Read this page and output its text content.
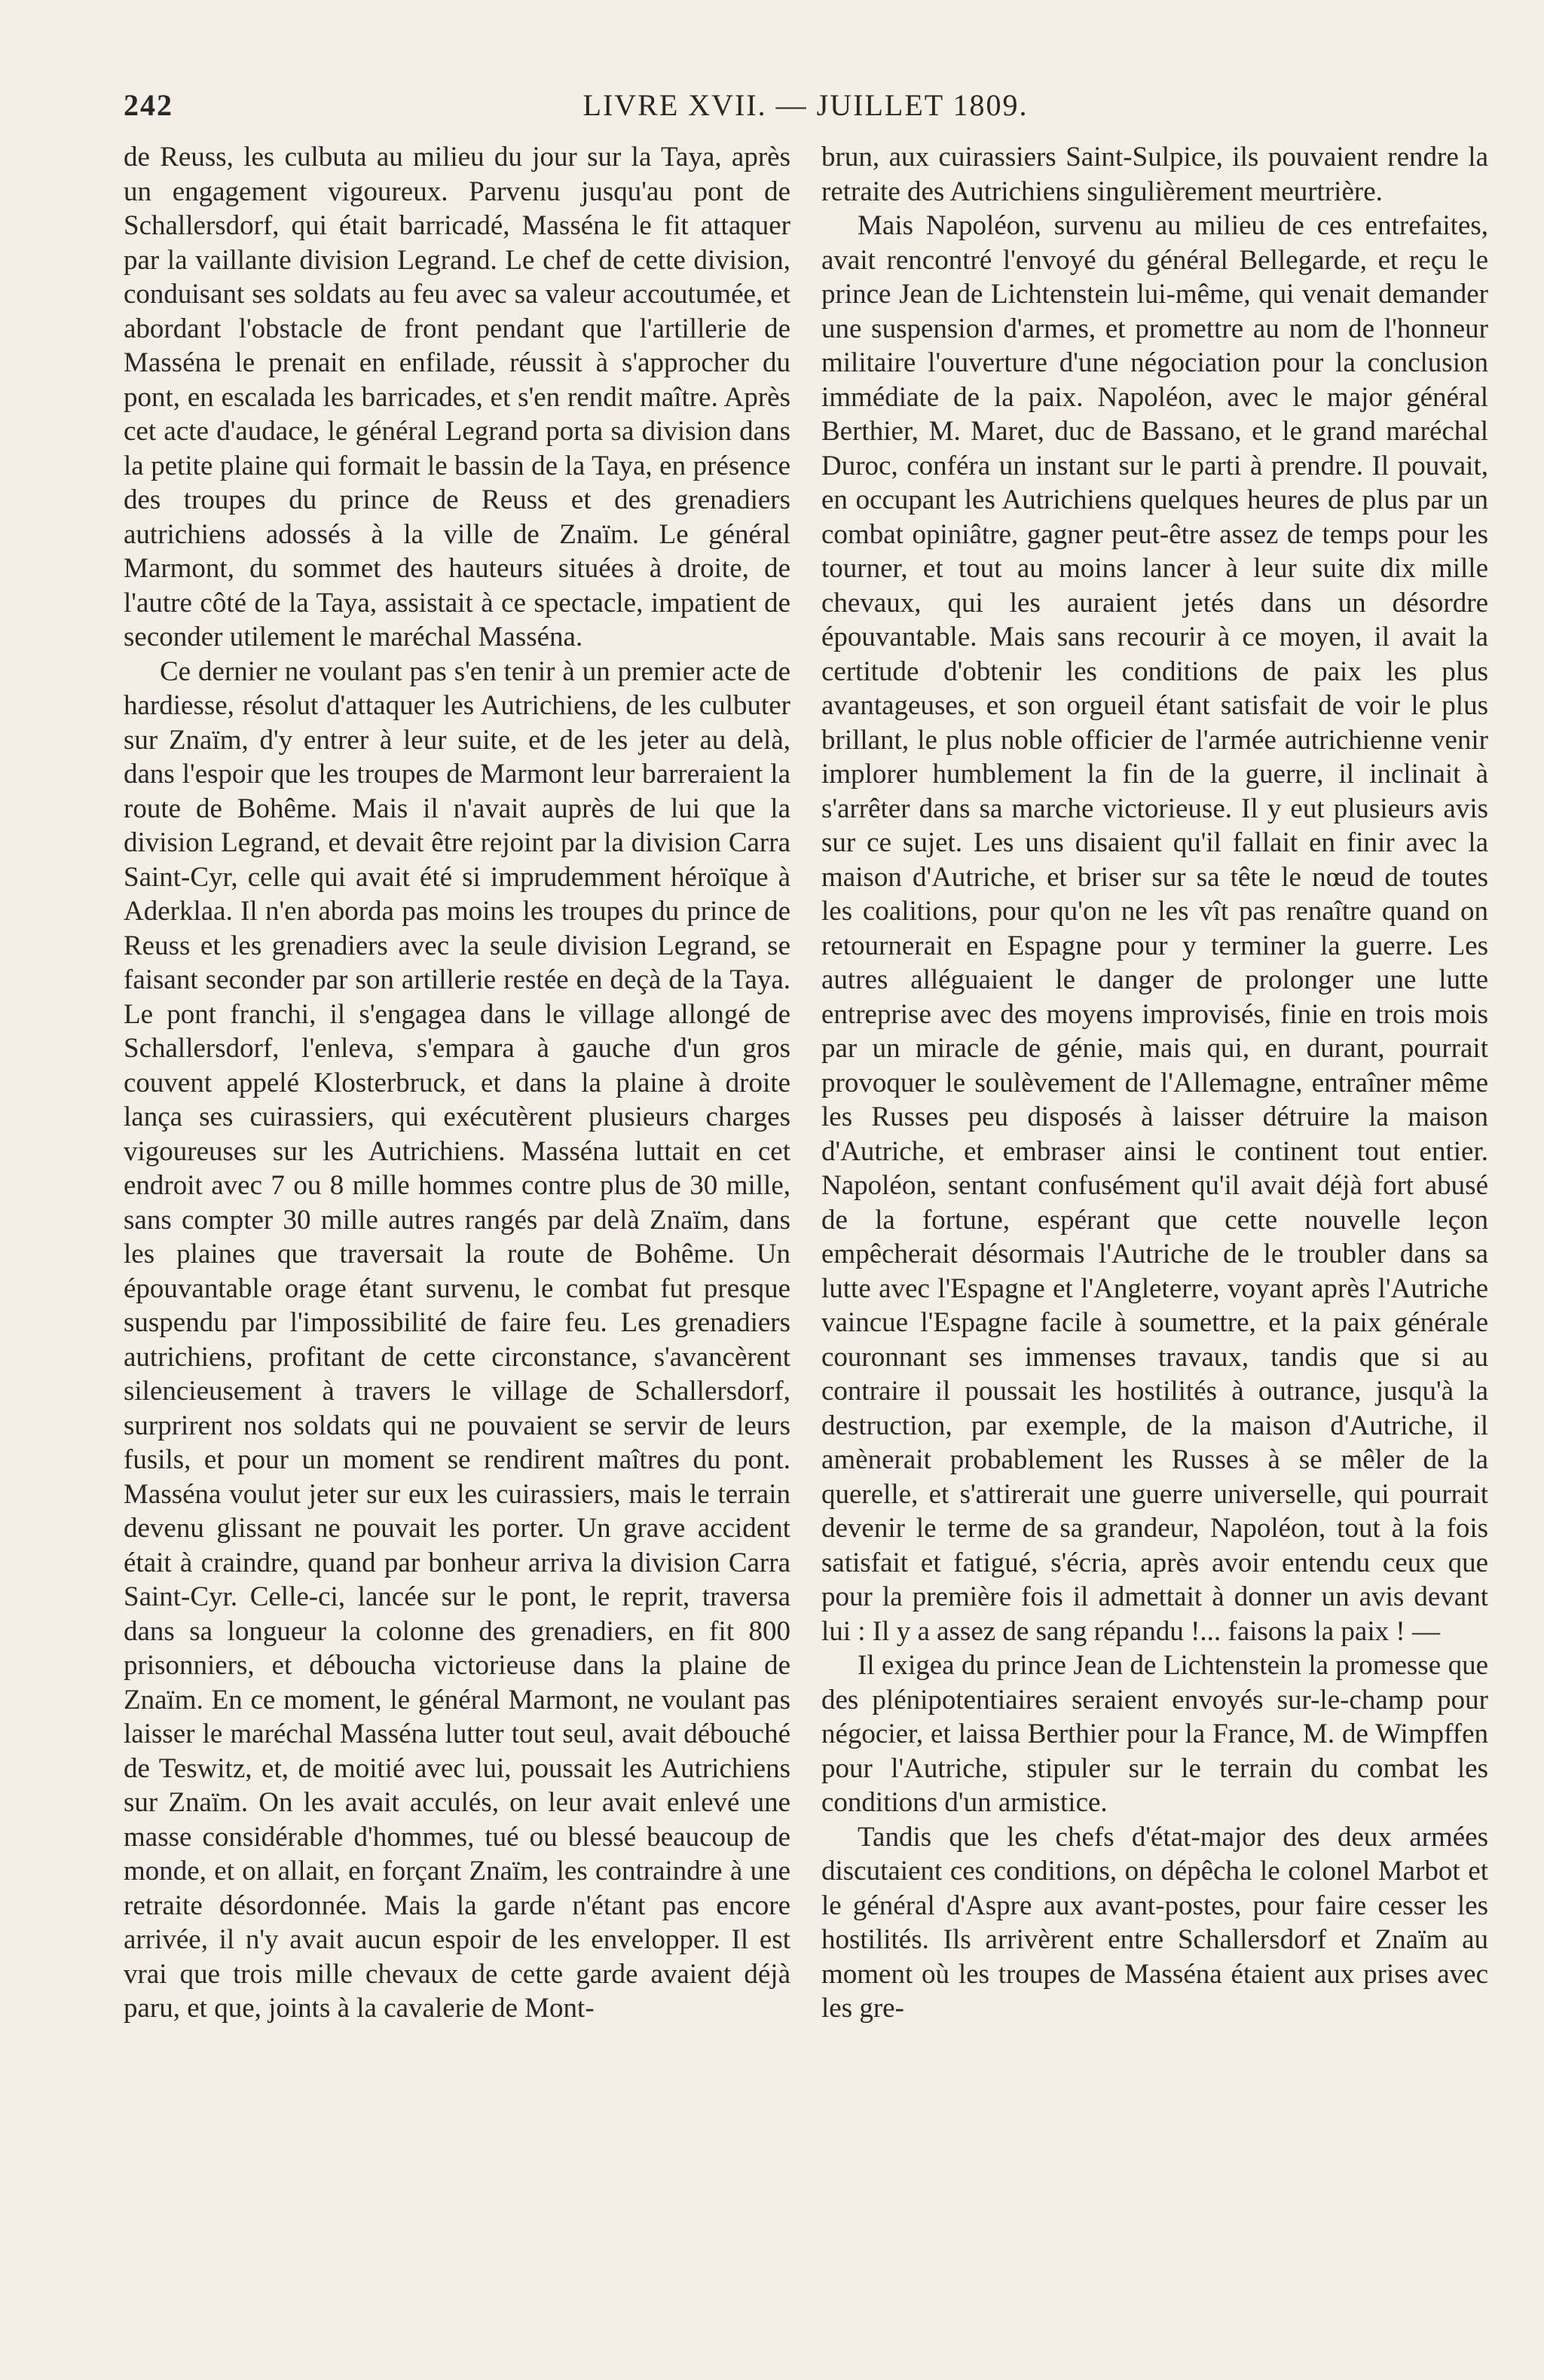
242	LIVRE XVII. — JUILLET 1809.

de Reuss, les culbuta au milieu du jour sur la Taya, après un engagement vigoureux. Parvenu jusqu'au pont de Schallersdorf, qui était barricadé, Masséna le fit attaquer par la vaillante division Legrand. Le chef de cette division, conduisant ses soldats au feu avec sa valeur accoutumée, et abordant l'obstacle de front pendant que l'artillerie de Masséna le prenait en enfilade, réussit à s'approcher du pont, en escalada les barricades, et s'en rendit maître. Après cet acte d'audace, le général Legrand porta sa division dans la petite plaine qui formait le bassin de la Taya, en présence des troupes du prince de Reuss et des grenadiers autrichiens adossés à la ville de Znaïm. Le général Marmont, du sommet des hauteurs situées à droite, de l'autre côté de la Taya, assistait à ce spectacle, impatient de seconder utilement le maréchal Masséna.

Ce dernier ne voulant pas s'en tenir à un premier acte de hardiesse, résolut d'attaquer les Autrichiens, de les culbuter sur Znaïm, d'y entrer à leur suite, et de les jeter au delà, dans l'espoir que les troupes de Marmont leur barreraient la route de Bohême. Mais il n'avait auprès de lui que la division Legrand, et devait être rejoint par la division Carra Saint-Cyr, celle qui avait été si imprudemment héroïque à Aderklaa. Il n'en aborda pas moins les troupes du prince de Reuss et les grenadiers avec la seule division Legrand, se faisant seconder par son artillerie restée en deçà de la Taya. Le pont franchi, il s'engagea dans le village allongé de Schallersdorf, l'enleva, s'empara à gauche d'un gros couvent appelé Klosterbruck, et dans la plaine à droite lança ses cuirassiers, qui exécutèrent plusieurs charges vigoureuses sur les Autrichiens. Masséna luttait en cet endroit avec 7 ou 8 mille hommes contre plus de 30 mille, sans compter 30 mille autres rangés par delà Znaïm, dans les plaines que traversait la route de Bohême. Un épouvantable orage étant survenu, le combat fut presque suspendu par l'impossibilité de faire feu. Les grenadiers autrichiens, profitant de cette circonstance, s'avancèrent silencieusement à travers le village de Schallersdorf, surprirent nos soldats qui ne pouvaient se servir de leurs fusils, et pour un moment se rendirent maîtres du pont. Masséna voulut jeter sur eux les cuirassiers, mais le terrain devenu glissant ne pouvait les porter. Un grave accident était à craindre, quand par bonheur arriva la division Carra Saint-Cyr. Celle-ci, lancée sur le pont, le reprit, traversa dans sa longueur la colonne des grenadiers, en fit 800 prisonniers, et déboucha victorieuse dans la plaine de Znaïm. En ce moment, le général Marmont, ne voulant pas laisser le maréchal Masséna lutter tout seul, avait débouché de Teswitz, et, de moitié avec lui, poussait les Autrichiens sur Znaïm. On les avait acculés, on leur avait enlevé une masse considérable d'hommes, tué ou blessé beaucoup de monde, et on allait, en forçant Znaïm, les contraindre à une retraite désordonnée. Mais la garde n'étant pas encore arrivée, il n'y avait aucun espoir de les envelopper. Il est vrai que trois mille chevaux de cette garde avaient déjà paru, et que, joints à la cavalerie de Mont-

brun, aux cuirassiers Saint-Sulpice, ils pouvaient rendre la retraite des Autrichiens singulièrement meurtrière.

Mais Napoléon, survenu au milieu de ces entrefaites, avait rencontré l'envoyé du général Bellegarde, et reçu le prince Jean de Lichtenstein lui-même, qui venait demander une suspension d'armes, et promettre au nom de l'honneur militaire l'ouverture d'une négociation pour la conclusion immédiate de la paix. Napoléon, avec le major général Berthier, M. Maret, duc de Bassano, et le grand maréchal Duroc, conféra un instant sur le parti à prendre. Il pouvait, en occupant les Autrichiens quelques heures de plus par un combat opiniâtre, gagner peut-être assez de temps pour les tourner, et tout au moins lancer à leur suite dix mille chevaux, qui les auraient jetés dans un désordre épouvantable. Mais sans recourir à ce moyen, il avait la certitude d'obtenir les conditions de paix les plus avantageuses, et son orgueil étant satisfait de voir le plus brillant, le plus noble officier de l'armée autrichienne venir implorer humblement la fin de la guerre, il inclinait à s'arrêter dans sa marche victorieuse. Il y eut plusieurs avis sur ce sujet. Les uns disaient qu'il fallait en finir avec la maison d'Autriche, et briser sur sa tête le nœud de toutes les coalitions, pour qu'on ne les vît pas renaître quand on retournerait en Espagne pour y terminer la guerre. Les autres alléguaient le danger de prolonger une lutte entreprise avec des moyens improvisés, finie en trois mois par un miracle de génie, mais qui, en durant, pourrait provoquer le soulèvement de l'Allemagne, entraîner même les Russes peu disposés à laisser détruire la maison d'Autriche, et embraser ainsi le continent tout entier. Napoléon, sentant confusément qu'il avait déjà fort abusé de la fortune, espérant que cette nouvelle leçon empêcherait désormais l'Autriche de le troubler dans sa lutte avec l'Espagne et l'Angleterre, voyant après l'Autriche vaincue l'Espagne facile à soumettre, et la paix générale couronnant ses immenses travaux, tandis que si au contraire il poussait les hostilités à outrance, jusqu'à la destruction, par exemple, de la maison d'Autriche, il amènerait probablement les Russes à se mêler de la querelle, et s'attirerait une guerre universelle, qui pourrait devenir le terme de sa grandeur, Napoléon, tout à la fois satisfait et fatigué, s'écria, après avoir entendu ceux que pour la première fois il admettait à donner un avis devant lui : Il y a assez de sang répandu !... faisons la paix ! —

Il exigea du prince Jean de Lichtenstein la promesse que des plénipotentiaires seraient envoyés sur-le-champ pour négocier, et laissa Berthier pour la France, M. de Wimpffen pour l'Autriche, stipuler sur le terrain du combat les conditions d'un armistice.

Tandis que les chefs d'état-major des deux armées discutaient ces conditions, on dépêcha le colonel Marbot et le général d'Aspre aux avant-postes, pour faire cesser les hostilités. Ils arrivèrent entre Schallersdorf et Znaïm au moment où les troupes de Masséna étaient aux prises avec les gre-
